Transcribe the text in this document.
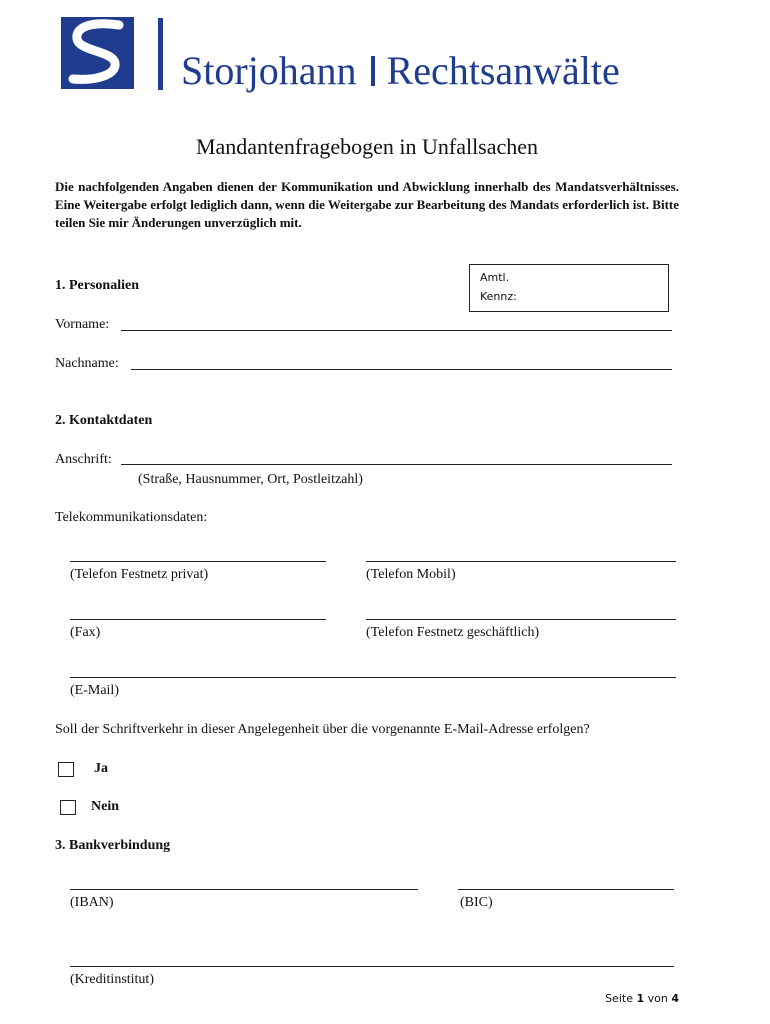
Storjohann Rechtsanwälte
Mandantenfragebogen in Unfallsachen
Die nachfolgenden Angaben dienen der Kommunikation und Abwicklung innerhalb des Mandatsverhältnisses. Eine Weitergabe erfolgt lediglich dann, wenn die Weitergabe zur Bearbeitung des Mandats erforderlich ist. Bitte teilen Sie mir Änderungen unverzüglich mit.
1. Personalien
Amtl.
Kennz:
Vorname:
Nachname:
2. Kontaktdaten
Anschrift:
(Straße, Hausnummer, Ort, Postleitzahl)
Telekommunikationsdaten:
(Telefon Festnetz privat)	(Telefon Mobil)
(Fax)	(Telefon Festnetz geschäftlich)
(E-Mail)
Soll der Schriftverkehr in dieser Angelegenheit über die vorgenannte E-Mail-Adresse erfolgen?
Ja
Nein
3. Bankverbindung
(IBAN)	(BIC)
(Kreditinstitut)
Seite 1 von 4
